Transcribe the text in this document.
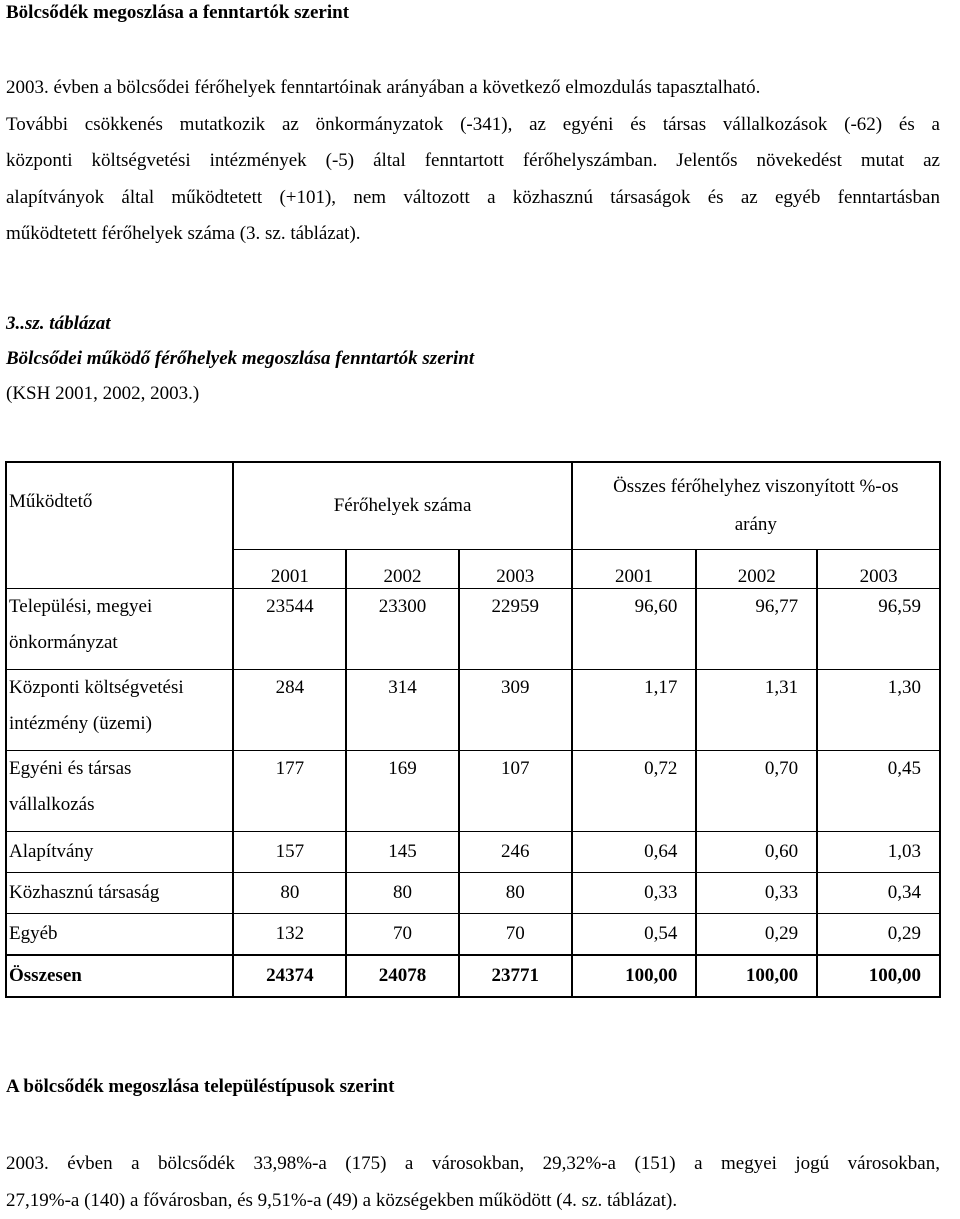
Bölcsődék megoszlása a fenntartók szerint
2003. évben a bölcsődei férőhelyek fenntartóinak arányában a következő elmozdulás tapasztalható.
További csökkenés mutatkozik az önkormányzatok (-341), az egyéni és társas vállalkozások (-62) és a
központi költségvetési intézmények (-5) által fenntartott férőhelyszámban. Jelentős növekedést mutat az
alapítványok által működtetett (+101), nem változott a közhasznú társaságok és az egyéb fenntartásban
működtetett férőhelyek száma (3. sz. táblázat).
3..sz. táblázat
Bölcsődei működő férőhelyek megoszlása fenntartók szerint
(KSH 2001, 2002, 2003.)
Működtető	Férőhelyek száma			Összes férőhelyhez viszonyított %-os
arány		
	2001	2002	2003	2001	2002	2003
Települési, megyei
önkormányzat	23544	23300	22959	96,60	96,77	96,59
Központi költségvetési
intézmény (üzemi)	284	314	309	1,17	1,31	1,30
Egyéni és társas
vállalkozás	177	169	107	0,72	0,70	0,45
Alapítvány	157	145	246	0,64	0,60	1,03
Közhasznú társaság	80	80	80	0,33	0,33	0,34
Egyéb	132	70	70	0,54	0,29	0,29
Összesen	24374	24078	23771	100,00	100,00	100,00
A bölcsődék megoszlása településtípusok szerint
2003. évben a bölcsődék 33,98%-a (175) a városokban, 29,32%-a (151) a megyei jogú városokban,
27,19%-a (140) a fővárosban, és 9,51%-a (49) a községekben működött (4. sz. táblázat).
